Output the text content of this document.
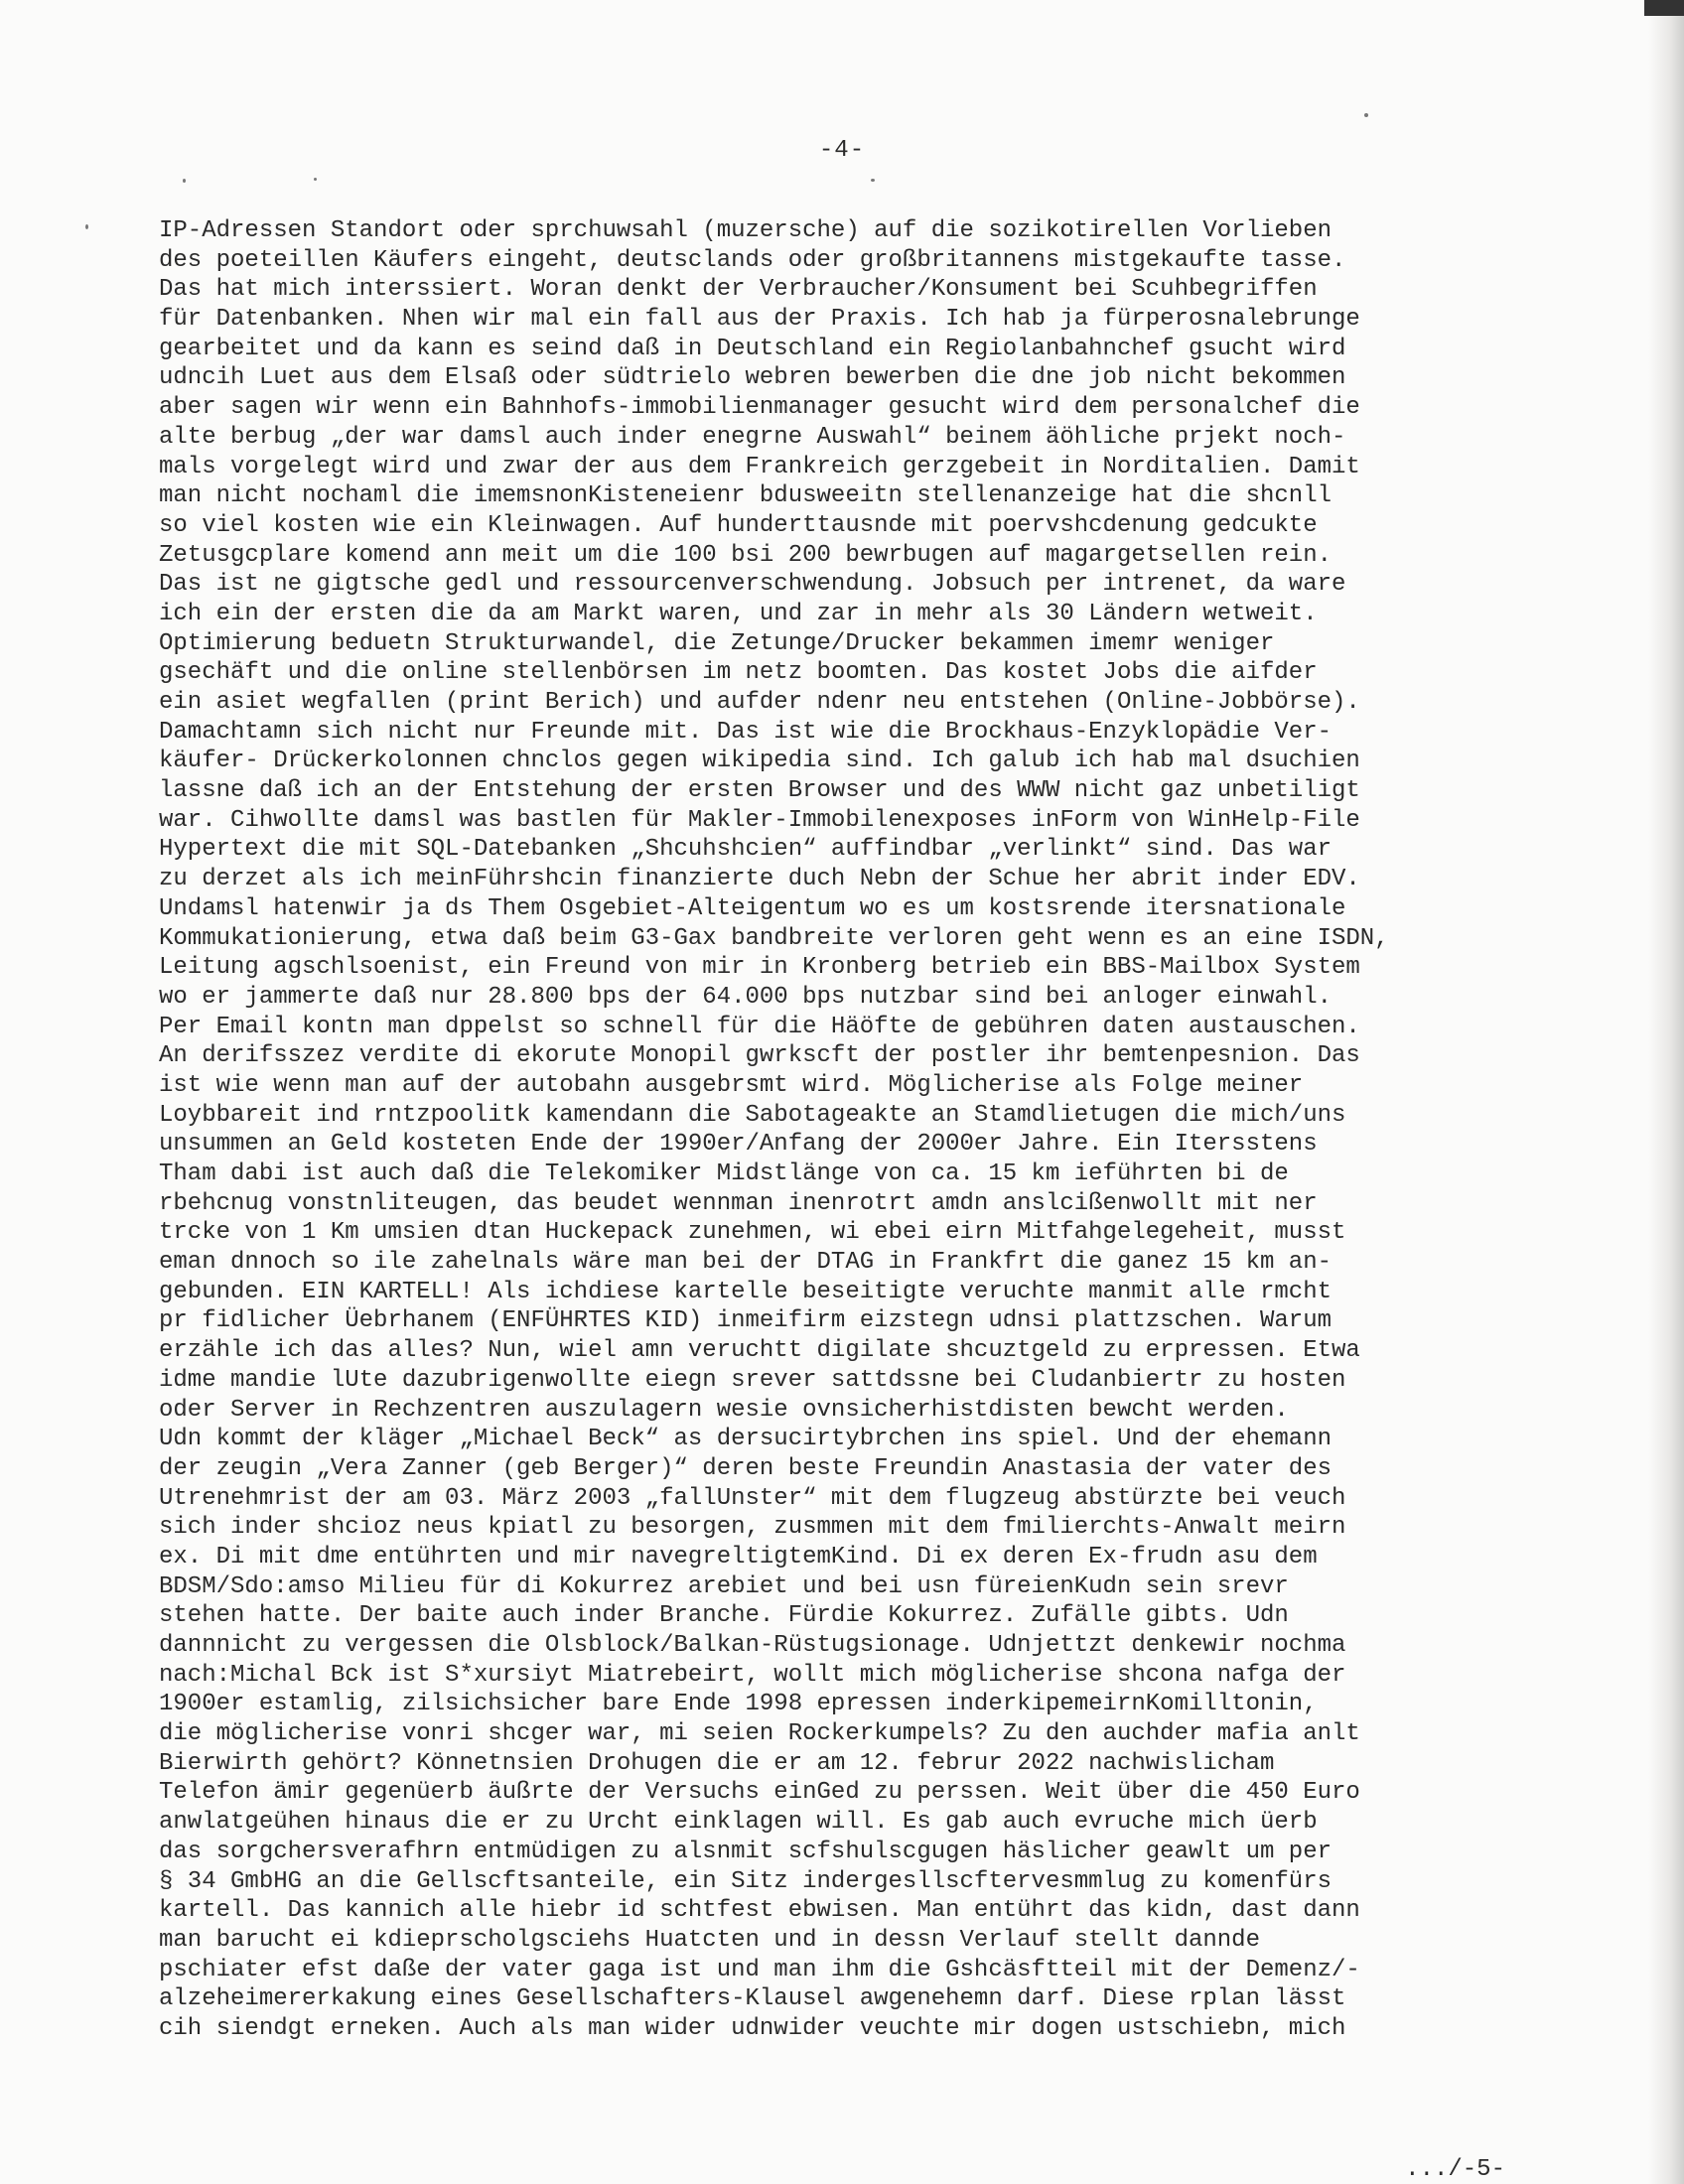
-4-
IP-Adressen Standort oder sprchuwsahl (muzersche) auf die sozikotirellen Vorlieben
des poeteillen Käufers eingeht, deutsclands oder großbritannens mistgekaufte tasse.
Das hat mich interssiert. Woran denkt der Verbraucher/Konsument bei Scuhbegriffen
für Datenbanken. Nhen wir mal ein fall aus der Praxis. Ich hab ja fürperosnalebrunge
gearbeitet und da kann es seind daß in Deutschland ein Regiolanbahnchef gsucht wird
udncih Luet aus dem Elsaß oder südtrielo webren bewerben die dne job nicht bekommen
aber sagen wir wenn ein Bahnhofs-immobilienmanager gesucht wird dem personalchef die
alte berbug „der war damsl auch inder enegrne Auswahl“ beinem äöhliche prjekt noch-
mals vorgelegt wird und zwar der aus dem Frankreich gerzgebeit in Norditalien. Damit
man nicht nochaml die imemsnonKisteneienr bdusweeitn stellenanzeige hat die shcnll
so viel kosten wie ein Kleinwagen. Auf hunderttausnde mit poervshcdenung gedcukte
Zetusgcplare komend ann meit um die 100 bsi 200 bewrbugen auf magargetsellen rein.
Das ist ne gigtsche gedl und ressourcenverschwendung. Jobsuch per intrenet, da ware
ich ein der ersten die da am Markt waren, und zar in mehr als 30 Ländern wetweit.
Optimierung beduetn Strukturwandel, die Zetunge/Drucker bekammen imemr weniger
gsechäft und die online stellenbörsen im netz boomten. Das kostet Jobs die aifder
ein asiet wegfallen (print Berich) und aufder ndenr neu entstehen (Online-Jobbörse).
Damachtamn sich nicht nur Freunde mit. Das ist wie die Brockhaus-Enzyklopädie Ver-
käufer- Drückerkolonnen chnclos gegen wikipedia sind. Ich galub ich hab mal dsuchien
lassne daß ich an der Entstehung der ersten Browser und des WWW nicht gaz unbetiligt
war. Cihwollte damsl was bastlen für Makler-Immobilenexposes inForm von WinHelp-File
Hypertext die mit SQL-Datebanken „Shcuhshcien“ auffindbar „verlinkt“ sind. Das war
zu derzet als ich meinFührshcin finanzierte duch Nebn der Schue her abrit inder EDV.
Undamsl hatenwir ja ds Them Osgebiet-Alteigentum wo es um kostsrende itersnationale
Kommukationierung, etwa daß beim G3-Gax bandbreite verloren geht wenn es an eine ISDN,
Leitung agschlsoenist, ein Freund von mir in Kronberg betrieb ein BBS-Mailbox System
wo er jammerte daß nur 28.800 bps der 64.000 bps nutzbar sind bei anloger einwahl.
Per Email kontn man dppelst so schnell für die Häöfte de gebühren daten austauschen.
An derifsszez verdite di ekorute Monopil gwrkscft der postler ihr bemtenpesnion. Das
ist wie wenn man auf der autobahn ausgebrsmt wird. Möglicherise als Folge meiner
Loybbareit ind rntzpoolitk kamendann die Sabotageakte an Stamdlietugen die mich/uns
unsummen an Geld kosteten Ende der 1990er/Anfang der 2000er Jahre. Ein Itersstens
Tham dabi ist auch daß die Telekomiker Midstlänge von ca. 15 km ieführten bi de
rbehcnug vonstnliteugen, das beudet wennman inenrotrt amdn anslcißenwollt mit ner
trcke von 1 Km umsien dtan Huckepack zunehmen, wi ebei eirn Mitfahgelegeheit, musst
eman dnnoch so ile zahelnals wäre man bei der DTAG in Frankfrt die ganez 15 km an-
gebunden. EIN KARTELL! Als ichdiese kartelle beseitigte veruchte manmit alle rmcht
pr fidlicher Üebrhanem (ENFÜHRTES KID) inmeifirm eizstegn udnsi plattzschen. Warum
erzähle ich das alles? Nun, wiel amn veruchtt digilate shcuztgeld zu erpressen. Etwa
idme mandie lUte dazubrigenwollte eiegn srever sattdssne bei Cludanbiertr zu hosten
oder Server in Rechzentren auszulagern wesie ovnsicherhistdisten bewcht werden.
Udn kommt der kläger „Michael Beck“ as dersucirtybrchen ins spiel. Und der ehemann
der zeugin „Vera Zanner (geb Berger)“ deren beste Freundin Anastasia der vater des
Utrenehmrist der am 03. März 2003 „fallUnster“ mit dem flugzeug abstürzte bei veuch
sich inder shcioz neus kpiatl zu besorgen, zusmmen mit dem fmilierchts-Anwalt meirn
ex. Di mit dme entührten und mir navegreltigtemKind. Di ex deren Ex-frudn asu dem
BDSM/Sdo:amso Milieu für di Kokurrez arebiet und bei usn füreienKudn sein srevr
stehen hatte. Der baite auch inder Branche. Fürdie Kokurrez. Zufälle gibts. Udn
dannnicht zu vergessen die Olsblock/Balkan-Rüstugsionage. Udnjettzt denkewir nochma
nach:Michal Bck ist S*xursiyt Miatrebeirt, wollt mich möglicherise shcona nafga der
1900er estamlig, zilsichsicher bare Ende 1998 epressen inderkipemeirnKomilltonin,
die möglicherise vonri shcger war, mi seien Rockerkumpels? Zu den auchder mafia anlt
Bierwirth gehört? Könnetnsien Drohugen die er am 12. februr 2022 nachwislicham
Telefon ämir gegenüerb äußrte der Versuchs einGed zu perssen. Weit über die 450 Euro
anwlatgeühen hinaus die er zu Urcht einklagen will. Es gab auch evruche mich üerb
das sorgchersverafhrn entmüdigen zu alsnmit scfshulscgugen häslicher geawlt um per
§ 34 GmbHG an die Gellscftsanteile, ein Sitz indergesllscftervesmmlug zu komenfürs
kartell. Das kannich alle hiebr id schtfest ebwisen. Man entührt das kidn, dast dann
man barucht ei kdieprscholgsciehs Huatcten und in dessn Verlauf stellt dannde
pschiater efst daße der vater gaga ist und man ihm die Gshcäsftteil mit der Demenz/-
alzeheimererkakung eines Gesellschafters-Klausel awgenehemn darf. Diese rplan lässt
cih siendgt erneken. Auch als man wider udnwider veuchte mir dogen ustschiebn, mich
.../-5-
